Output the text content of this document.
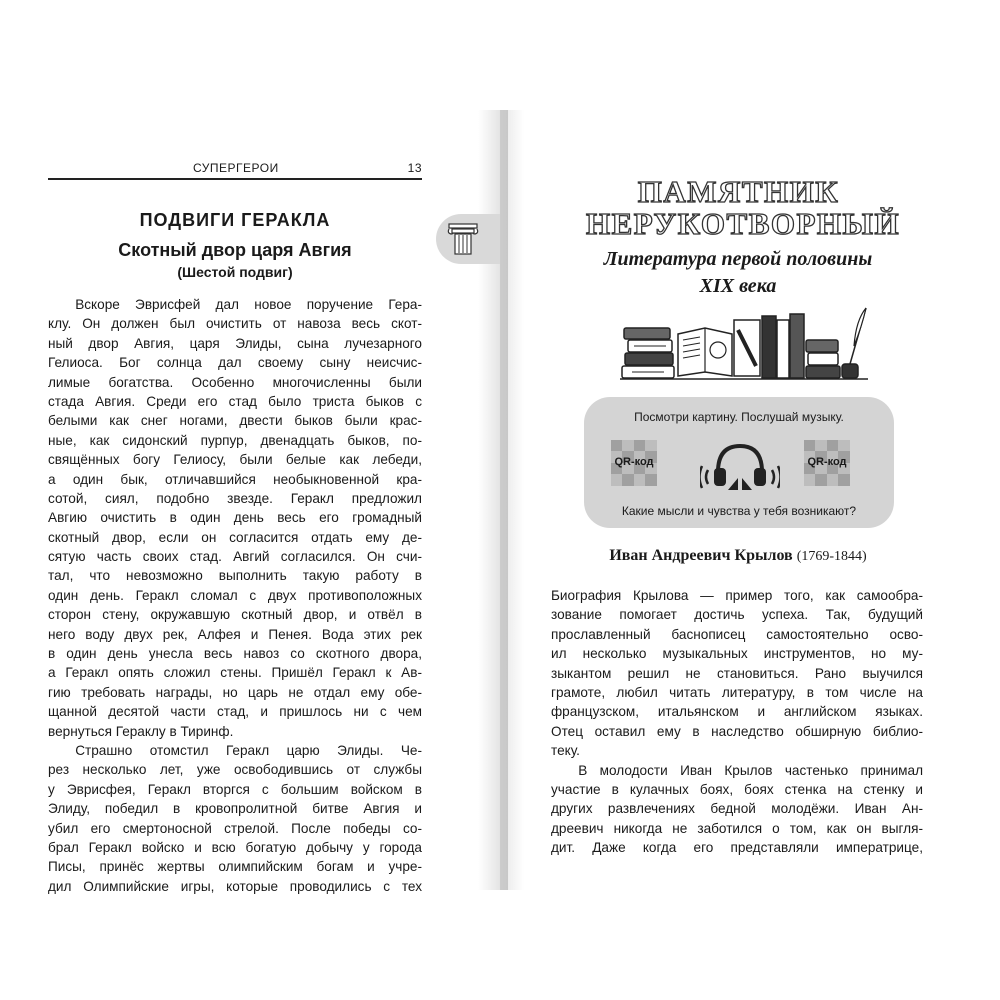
СУПЕРГЕРОИ	13
ПОДВИГИ ГЕРАКЛА
Скотный двор царя Авгия
(Шестой подвиг)
  Вскоре Эврисфей дал новое поручение Гера-
клу. Он должен был очистить от навоза весь скот-
ный двор Авгия, царя Элиды, сына лучезарного
Гелиоса. Бог солнца дал своему сыну неисчис-
лимые богатства. Особенно многочисленны были
стада Авгия. Среди его стад было триста быков с
белыми как снег ногами, двести быков были крас-
ные, как сидонский пурпур, двенадцать быков, по-
свящённых богу Гелиосу, были белые как лебеди,
а один бык, отличавшийся необыкновенной кра-
сотой, сиял, подобно звезде. Геракл предложил
Авгию очистить в один день весь его громадный
скотный двор, если он согласится отдать ему де-
сятую часть своих стад. Авгий согласился. Он счи-
тал, что невозможно выполнить такую работу в
один день. Геракл сломал с двух противоположных
сторон стену, окружавшую скотный двор, и отвёл в
него воду двух рек, Алфея и Пенея. Вода этих рек
в один день унесла весь навоз со скотного двора,
а Геракл опять сложил стены. Пришёл Геракл к Ав-
гию требовать награды, но царь не отдал ему обе-
щанной десятой части стад, и пришлось ни с чем
вернуться Гераклу в Тиринф.
  Страшно отомстил Геракл царю Элиды. Че-
рез несколько лет, уже освободившись от службы
у Эврисфея, Геракл вторгся с большим войском в
Элиду, победил в кровопролитной битве Авгия и
убил его смертоносной стрелой. После победы со-
брал Геракл войско и всю богатую добычу у города
Писы, принёс жертвы олимпийским богам и учре-
дил Олимпийские игры, которые проводились с тех
ПАМЯТНИК
НЕРУКОТВОРНЫЙ
Литература первой половины
XIX века
Посмотри картину. Послушай музыку.
QR-код	QR-код
Какие мысли и чувства у тебя возникают?
Иван Андреевич Крылов (1769-1844)
Биография Крылова — пример того, как самообра-
зование помогает достичь успеха. Так, будущий
прославленный баснописец самостоятельно осво-
ил несколько музыкальных инструментов, но му-
зыкантом решил не становиться. Рано выучился
грамоте, любил читать литературу, в том числе на
французском, итальянском и английском языках.
Отец оставил ему в наследство обширную библио-
теку.
  В молодости Иван Крылов частенько принимал
участие в кулачных боях, боях стенка на стенку и
других развлечениях бедной молодёжи. Иван Ан-
дреевич никогда не заботился о том, как он выгля-
дит. Даже когда его представляли императрице,
